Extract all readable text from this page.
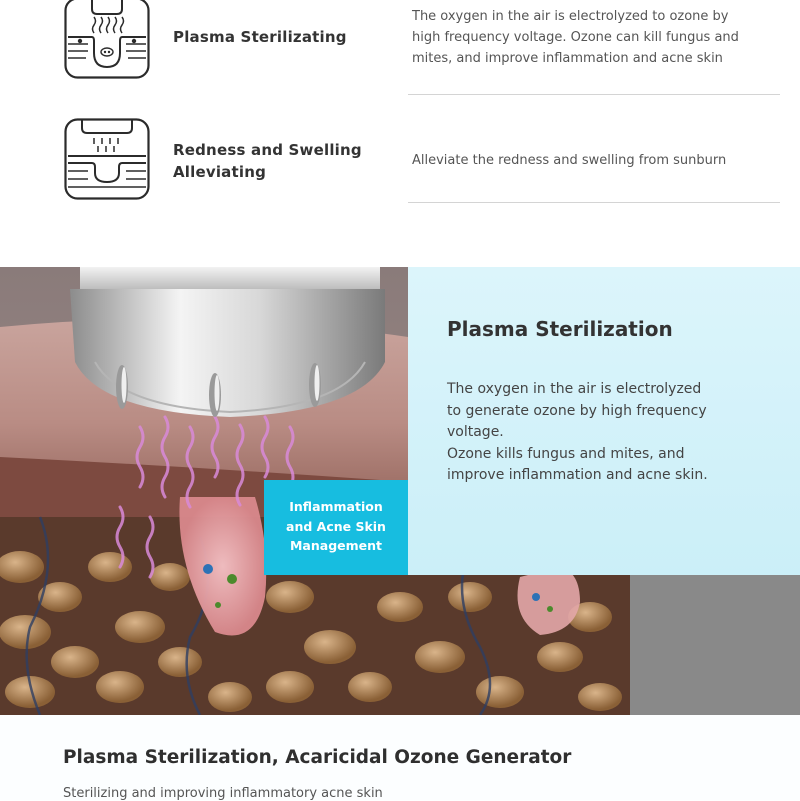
Plasma Sterilizating
The oxygen in the air is electrolyzed to ozone by high frequency voltage. Ozone can kill fungus and mites, and improve inflammation and acne skin
Redness and Swelling
Alleviating
Alleviate the redness and swelling from sunburn
Plasma Sterilization

The oxygen in the air is electrolyzed

to generate ozone by high frequency

voltage.

Ozone kills fungus and mites, and

improve inflammation and acne skin.

Inflammation
and Acne Skin
Management
Plasma Sterilization, Acaricidal Ozone Generator
Sterilizing and improving inflammatory acne skin
